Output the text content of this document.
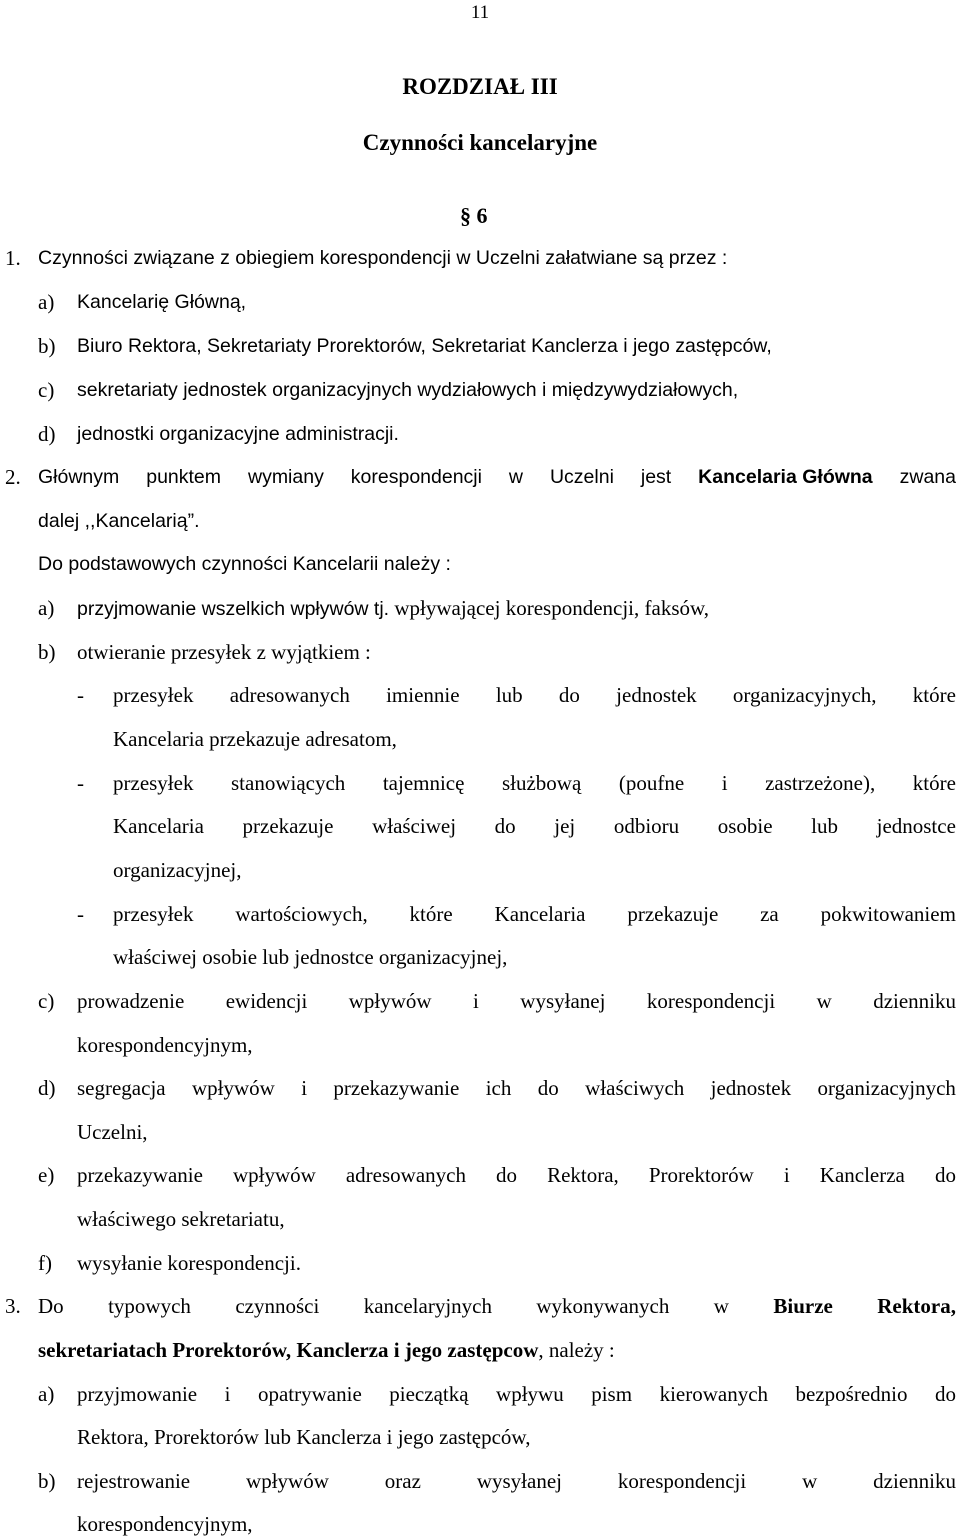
11
ROZDZIAŁ III
Czynności kancelaryjne
§ 6
1. Czynności związane z obiegiem korespondencji w Uczelni załatwiane są przez :
a) Kancelarię Główną,
b) Biuro Rektora, Sekretariaty Prorektorów, Sekretariat Kanclerza i jego zastępców,
c) sekretariaty jednostek organizacyjnych wydziałowych i międzywydziałowych,
d) jednostki organizacyjne administracji.
2. Głównym punktem wymiany korespondencji w Uczelni jest Kancelaria Główna zwana
dalej ,,Kancelarią”.
Do podstawowych czynności Kancelarii należy :
a) przyjmowanie wszelkich wpływów tj. wpływającej korespondencji, faksów,
b) otwieranie przesyłek z wyjątkiem :
- przesyłek adresowanych imiennie lub do jednostek organizacyjnych, które
Kancelaria przekazuje adresatom,
- przesyłek stanowiących tajemnicę służbową (poufne i zastrzeżone), które
Kancelaria przekazuje właściwej do jej odbioru osobie lub jednostce
organizacyjnej,
- przesyłek wartościowych, które Kancelaria przekazuje za pokwitowaniem
właściwej osobie lub jednostce organizacyjnej,
c) prowadzenie ewidencji wpływów i wysyłanej korespondencji w dzienniku
korespondencyjnym,
d) segregacja wpływów i przekazywanie ich do właściwych jednostek organizacyjnych
Uczelni,
e) przekazywanie wpływów adresowanych do Rektora, Prorektorów i Kanclerza do
właściwego sekretariatu,
f) wysyłanie korespondencji.
3. Do typowych czynności kancelaryjnych wykonywanych w Biurze Rektora,
sekretariatach Prorektorów, Kanclerza i jego zastępcow, należy :
a) przyjmowanie i opatrywanie pieczątką wpływu pism kierowanych bezpośrednio do
Rektora, Prorektorów lub Kanclerza i jego zastępców,
b) rejestrowanie	wpływów	oraz	wysyłanej	korespondencji	w	dzienniku
korespondencyjnym,
